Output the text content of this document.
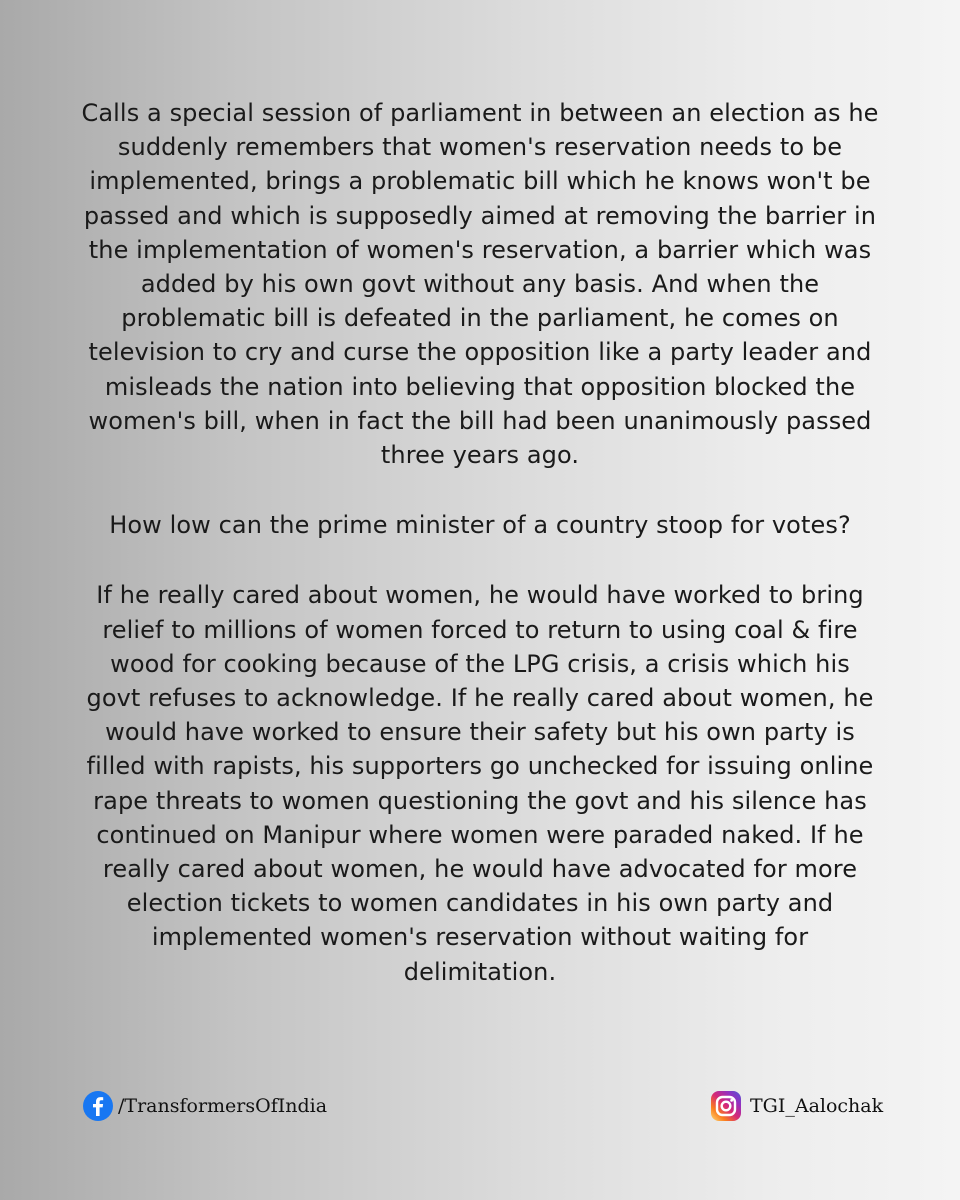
Calls a special session of parliament in between an election as he suddenly remembers that women's reservation needs to be implemented, brings a problematic bill which he knows won't be passed and which is supposedly aimed at removing the barrier in the implementation of women's reservation, a barrier which was added by his own govt without any basis. And when the problematic bill is defeated in the parliament, he comes on television to cry and curse the opposition like a party leader and misleads the nation into believing that opposition blocked the women's bill, when in fact the bill had been unanimously passed three years ago.

How low can the prime minister of a country stoop for votes?

If he really cared about women, he would have worked to bring relief to millions of women forced to return to using coal & fire wood for cooking because of the LPG crisis, a crisis which his govt refuses to acknowledge. If he really cared about women, he would have worked to ensure their safety but his own party is filled with rapists, his supporters go unchecked for issuing online rape threats to women questioning the govt and his silence has continued on Manipur where women were paraded naked. If he really cared about women, he would have advocated for more election tickets to women candidates in his own party and implemented women's reservation without waiting for delimitation.

/TransformersOfIndia	TGI_Aalochak
